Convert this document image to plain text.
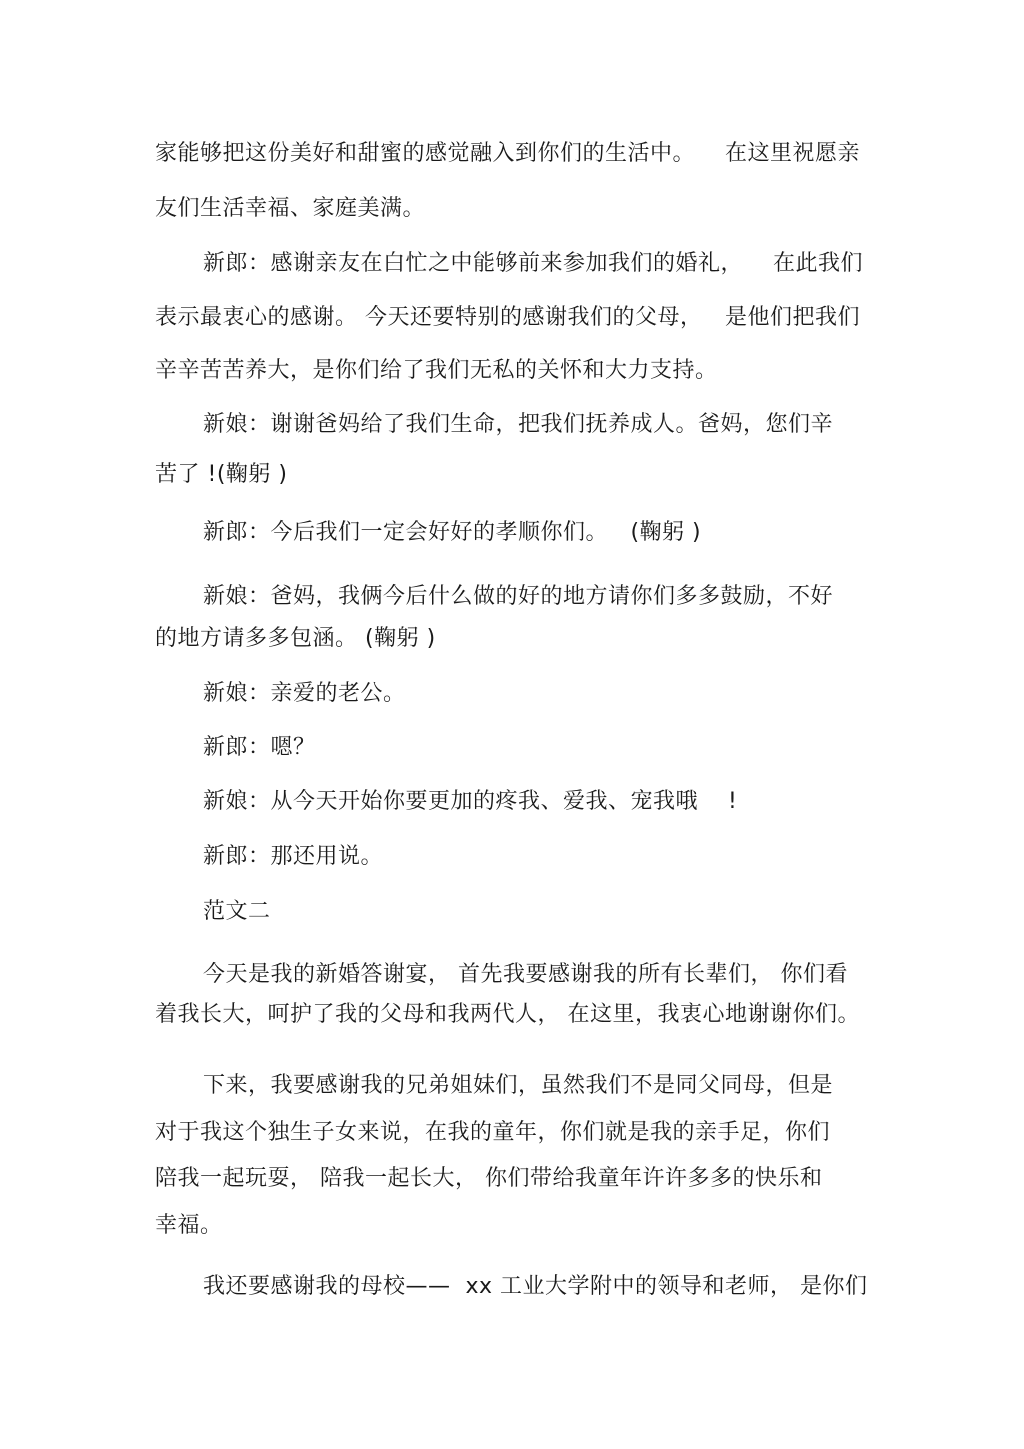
家能够把这份美好和甜蜜的感觉融入到你们的生活中。    在这里祝愿亲
友们生活幸福、家庭美满。
新郎：感谢亲友在白忙之中能够前来参加我们的婚礼，    在此我们
表示最衷心的感谢。 今天还要特别的感谢我们的父母，   是他们把我们
辛辛苦苦养大，是你们给了我们无私的关怀和大力支持。
新娘：谢谢爸妈给了我们生命，把我们抚养成人。爸妈，您们辛
苦了 !(鞠躬 )
新郎：今后我们一定会好好的孝顺你们。   (鞠躬 )
新娘：爸妈，我俩今后什么做的好的地方请你们多多鼓励，不好
的地方请多多包涵。 (鞠躬 )
新娘：亲爱的老公。
新郎：嗯？
新娘：从今天开始你要更加的疼我、爱我、宠我哦    !
新郎：那还用说。
范文二
今天是我的新婚答谢宴， 首先我要感谢我的所有长辈们， 你们看
着我长大，呵护了我的父母和我两代人， 在这里，我衷心地谢谢你们。
下来，我要感谢我的兄弟姐妹们，虽然我们不是同父同母，但是
对于我这个独生子女来说，在我的童年，你们就是我的亲手足，你们
陪我一起玩耍， 陪我一起长大， 你们带给我童年许许多多的快乐和
幸福。
我还要感谢我的母校——  xx 工业大学附中的领导和老师， 是你们
